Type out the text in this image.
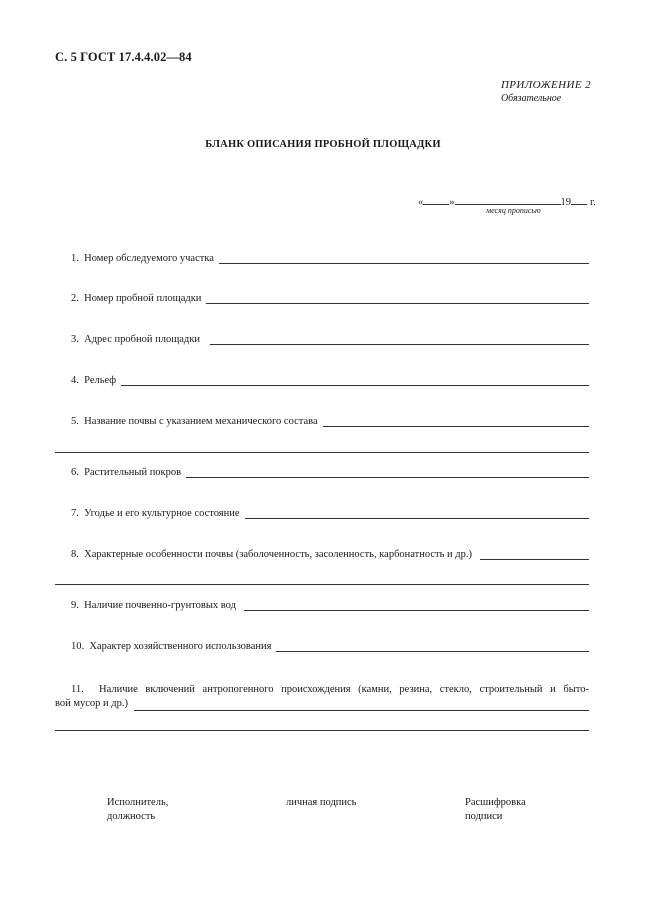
С. 5 ГОСТ 17.4.4.02—84
ПРИЛОЖЕНИЕ 2
Обязательное
БЛАНК ОПИСАНИЯ ПРОБНОЙ ПЛОЩАДКИ
« »	19 г.
месяц прописью
1. Номер обследуемого участка
2. Номер пробной площадки
3. Адрес пробной площадки
4. Рельеф
5. Название почвы с указанием механического состава
6. Растительный покров
7. Угодье и его культурное состояние
8. Характерные особенности почвы (заболоченность, засоленность, карбонатность и др.)
9. Наличие почвенно-грунтовых вод
10. Характер хозяйственного использования
11. Наличие включений антропогенного происхождения (камни, резина, стекло, строительный и быто-
вой мусор и др.)
Исполнитель,
должность
личная подпись	Расшифровка
подписи
